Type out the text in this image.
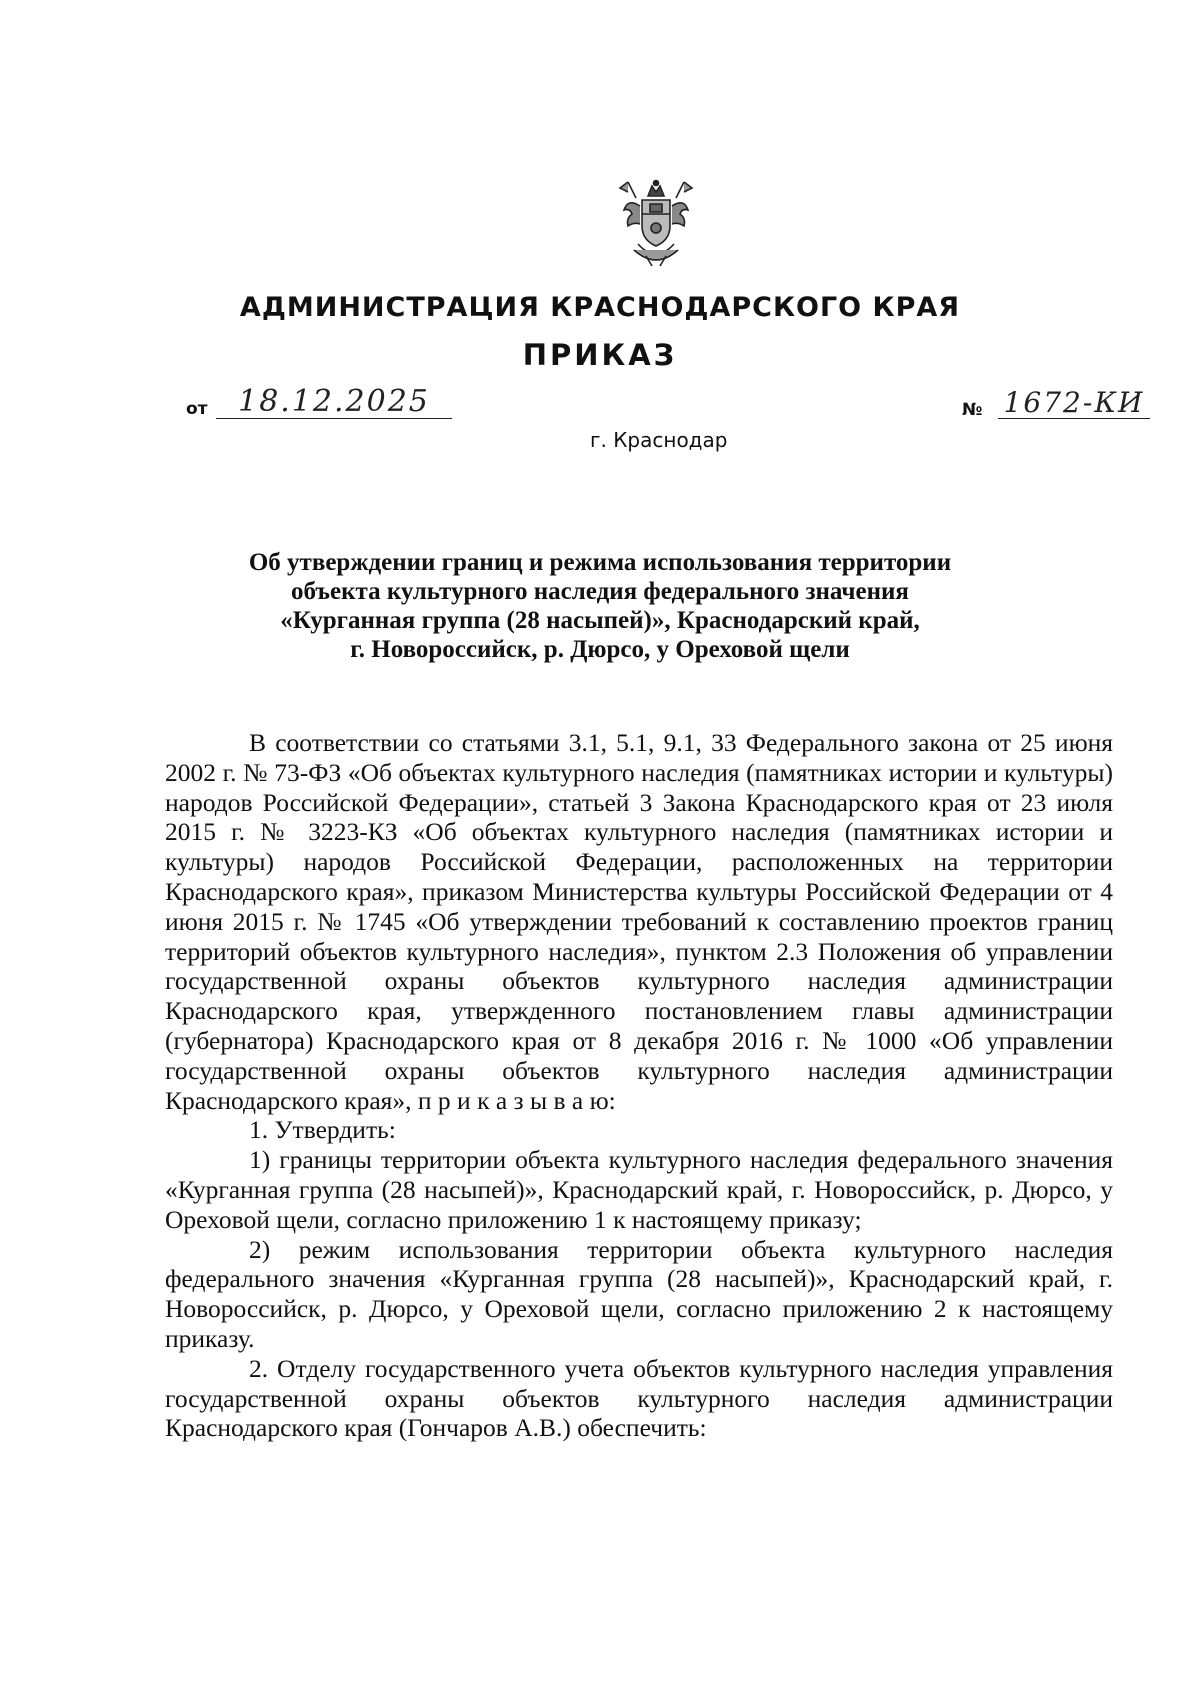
АДМИНИСТРАЦИЯ КРАСНОДАРСКОГО КРАЯ
ПРИКАЗ
от	18.12.2025
г. Краснодар
№ 1672-КИ
Об утверждении границ и режима использования территории
объекта культурного наследия федерального значения
«Курганная группа (28 насыпей)», Краснодарский край,
г. Новороссийск, р. Дюрсо, у Ореховой щели

В соответствии со статьями 3.1, 5.1, 9.1, 33 Федерального закона от 25 июня 2002 г. № 73-ФЗ «Об объектах культурного наследия (памятниках истории и культуры) народов Российской Федерации», статьей 3 Закона Краснодарского края от 23 июля 2015 г. № 3223-КЗ «Об объектах культурного наследия (памятниках истории и культуры) народов Российской Федерации, расположенных на территории Краснодарского края», приказом Министерства культуры Российской Федерации от 4 июня 2015 г. № 1745 «Об утверждении требований к составлению проектов границ территорий объектов культурного наследия», пунктом 2.3 Положения об управлении государственной охраны объектов культурного наследия администрации Краснодарского края, утвержденного постановлением главы администрации (губернатора) Краснодарского края от 8 декабря 2016 г. № 1000 «Об управлении государственной охраны объектов культурного наследия администрации Краснодарского края», п р и к а з ы в а ю:

1. Утвердить:

1) границы территории объекта культурного наследия федерального значения «Курганная группа (28 насыпей)», Краснодарский край, г. Новороссийск, р. Дюрсо, у Ореховой щели, согласно приложению 1 к настоящему приказу;

2) режим использования территории объекта культурного наследия федерального значения «Курганная группа (28 насыпей)», Краснодарский край, г. Новороссийск, р. Дюрсо, у Ореховой щели, согласно приложению 2 к настоящему приказу.

2. Отделу государственного учета объектов культурного наследия управления государственной охраны объектов культурного наследия администрации Краснодарского края (Гончаров А.В.) обеспечить:
